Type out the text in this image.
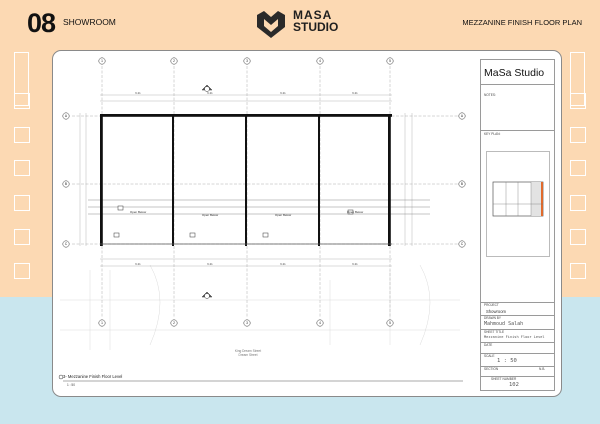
08 SHOWROOM	MASA
STUDIO	MEZZANINE FINISH FLOOR PLAN
1	2	3	4	5
1	2	3	4	5
A
B
C
A
B
C
Open Below
Open Below	Open Below
Open Below
6.21	6.21	6.21	6.21
6.21	6.21	6.21	6.21
King Dream Street
Dream Street
3- Mezzanine Finish Floor Level
1 : 50
MaSa Studio
NOTES:
KEY PLAN:
PROJECT
Showroom
DRAWN BY
Mahmoud Salah
SHEET TITLE
Mezzanine Finish Floor Level
DATE
SCALE
1 : 50
SECTION	N.B.
SHEET NUMBER
102
